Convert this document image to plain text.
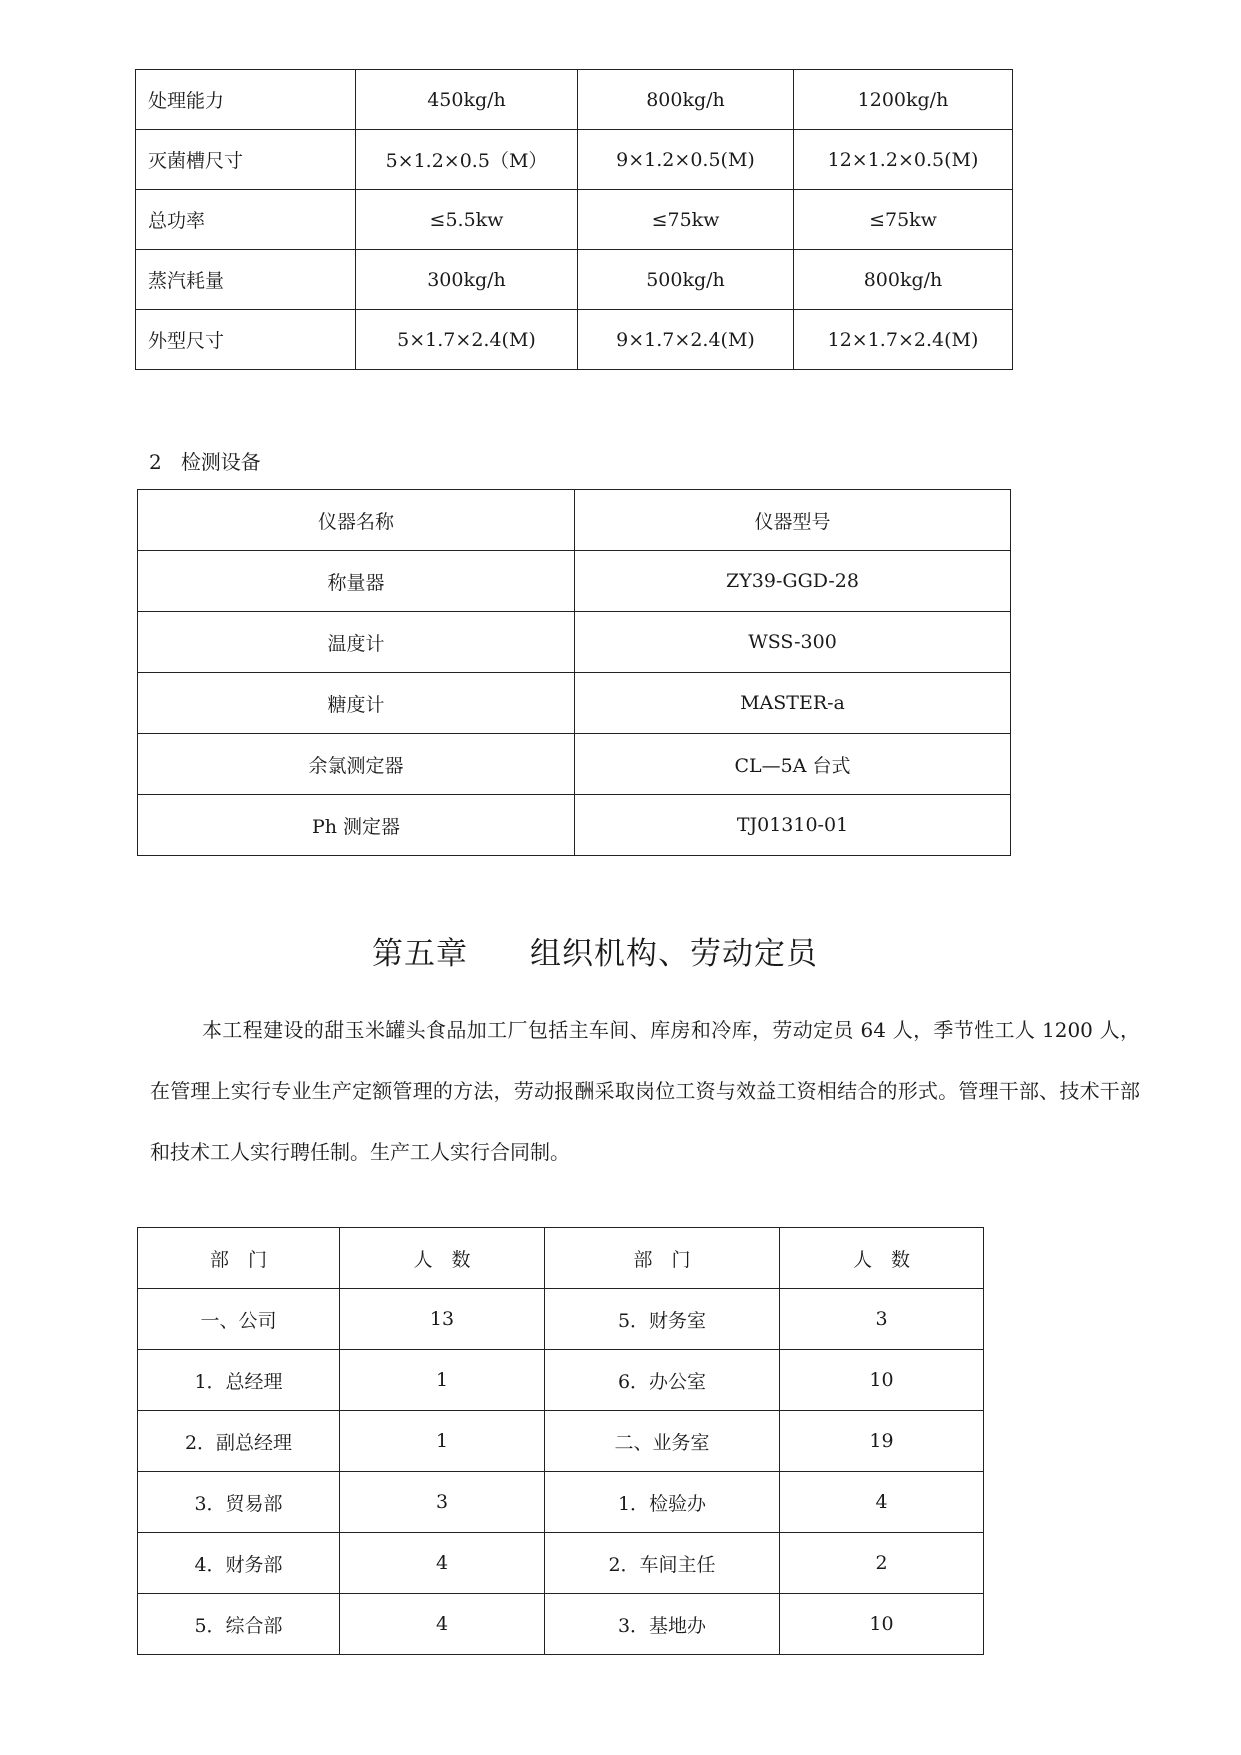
处理能力	450kg/h	800kg/h	1200kg/h
灭菌槽尺寸	5×1.2×0.5（M）	9×1.2×0.5(M)	12×1.2×0.5(M)
总功率	≤5.5kw	≤75kw	≤75kw
蒸汽耗量	300kg/h	500kg/h	800kg/h
外型尺寸	5×1.7×2.4(M)	9×1.7×2.4(M)	12×1.7×2.4(M)
2 检测设备
仪器名称	仪器型号
称量器	ZY39-GGD-28
温度计	WSS-300
糖度计	MASTER-a
余氯测定器	CL—5A 台式
Ph 测定器	TJ01310-01
第五章 组织机构、劳动定员
本工程建设的甜玉米罐头食品加工厂包括主车间、库房和冷库，劳动定员 64 人，季节性工人 1200 人，在管理上实行专业生产定额管理的方法，劳动报酬采取岗位工资与效益工资相结合的形式。管理干部、技术干部和技术工人实行聘任制。生产工人实行合同制。
部　门	人　数	部　门	人　数
一、公司	13	5．财务室	3
1．总经理	1	6．办公室	10
2．副总经理	1	二、业务室	19
3．贸易部	3	1．检验办	4
4．财务部	4	2．车间主任	2
5．综合部	4	3．基地办	10
